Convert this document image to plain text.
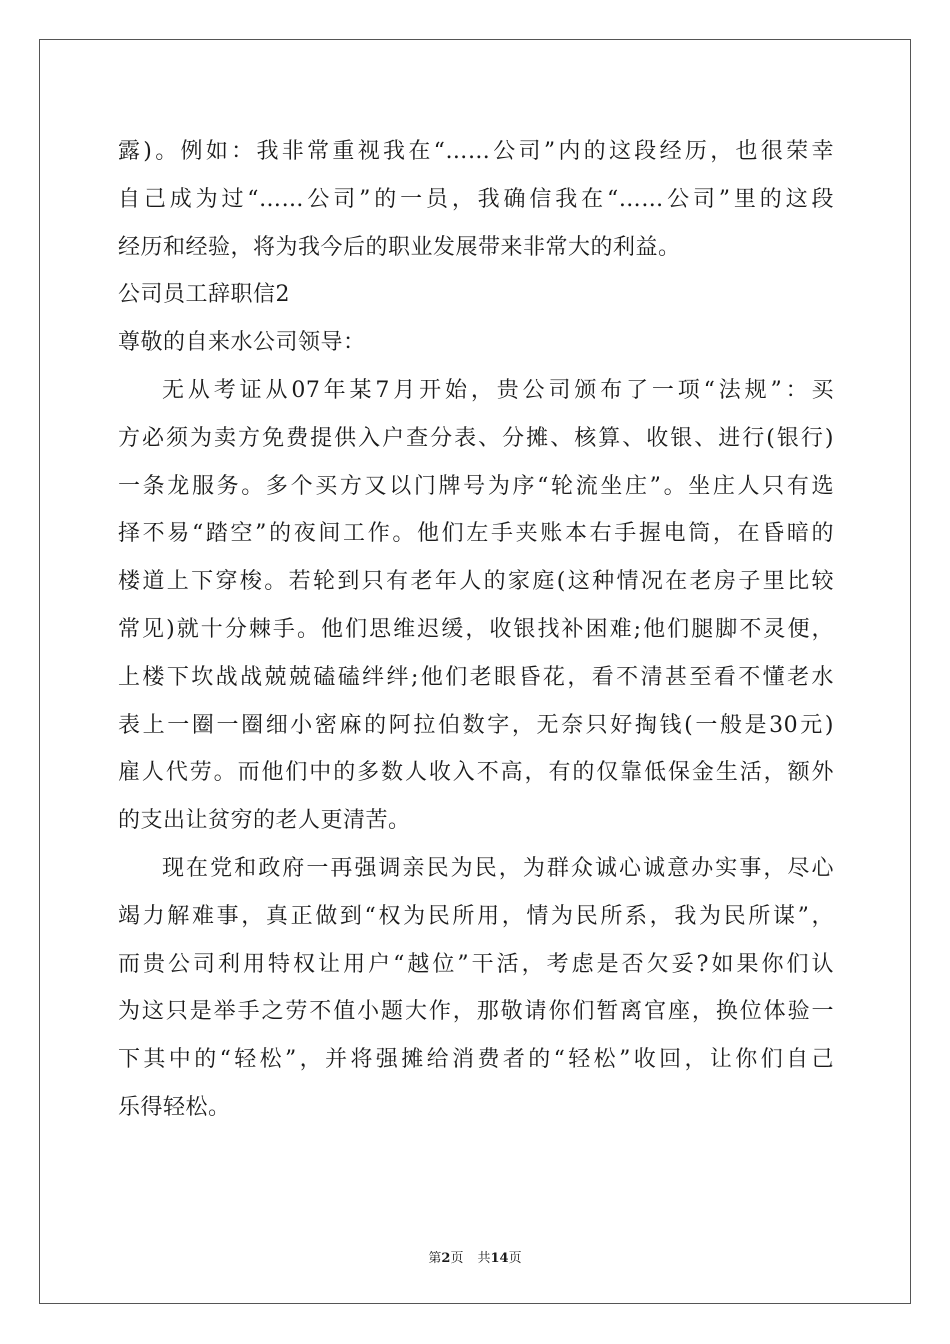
露)。例如：我非常重视我在“……公司”内的这段经历，也很荣幸
自己成为过“……公司”的一员，我确信我在“……公司”里的这段
经历和经验，将为我今后的职业发展带来非常大的利益。
公司员工辞职信2
尊敬的自来水公司领导：
无从考证从07年某7月开始，贵公司颁布了一项“法规”：买
方必须为卖方免费提供入户查分表、分摊、核算、收银、进行(银行)
一条龙服务。多个买方又以门牌号为序“轮流坐庄”。坐庄人只有选
择不易“踏空”的夜间工作。他们左手夹账本右手握电筒，在昏暗的
楼道上下穿梭。若轮到只有老年人的家庭(这种情况在老房子里比较
常见)就十分棘手。他们思维迟缓，收银找补困难;他们腿脚不灵便，
上楼下坎战战兢兢磕磕绊绊;他们老眼昏花，看不清甚至看不懂老水
表上一圈一圈细小密麻的阿拉伯数字，无奈只好掏钱(一般是30元)
雇人代劳。而他们中的多数人收入不高，有的仅靠低保金生活，额外
的支出让贫穷的老人更清苦。
现在党和政府一再强调亲民为民，为群众诚心诚意办实事，尽心
竭力解难事，真正做到“权为民所用，情为民所系，我为民所谋”，
而贵公司利用特权让用户“越位”干活，考虑是否欠妥?如果你们认
为这只是举手之劳不值小题大作，那敬请你们暂离官座，换位体验一
下其中的“轻松”，并将强摊给消费者的“轻松”收回，让你们自己
乐得轻松。
第2页 共14页
